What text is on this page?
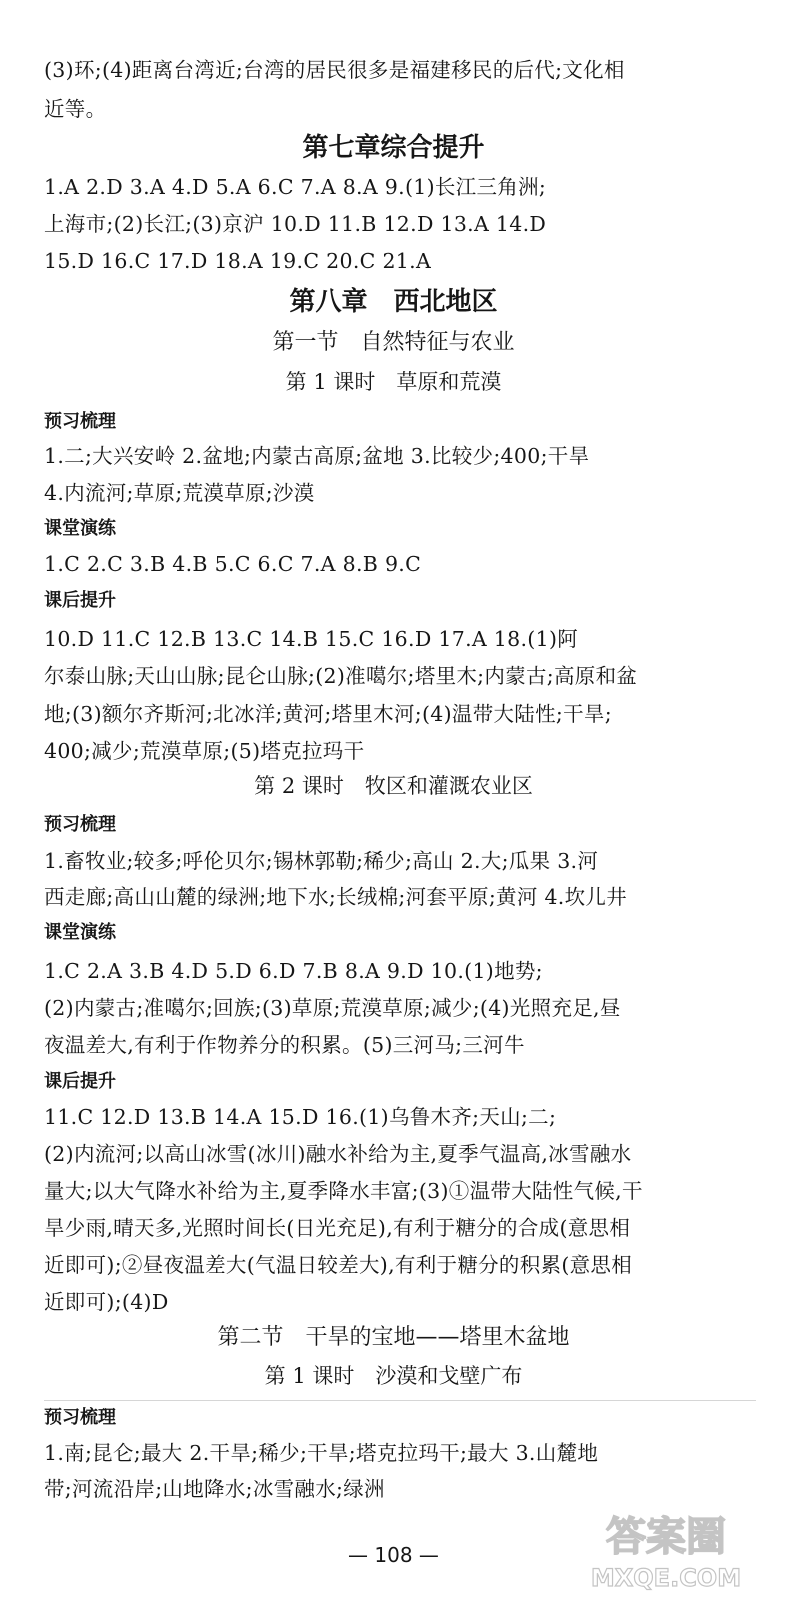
(3)环;(4)距离台湾近;台湾的居民很多是福建移民的后代;文化相
近等。
第七章综合提升
1.A 2.D 3.A 4.D 5.A 6.C 7.A 8.A 9.(1)长江三角洲;
上海市;(2)长江;(3)京沪 10.D 11.B 12.D 13.A 14.D
15.D 16.C 17.D 18.A 19.C 20.C 21.A
第八章　西北地区
第一节　自然特征与农业
第 1 课时　草原和荒漠
预习梳理
1.二;大兴安岭 2.盆地;内蒙古高原;盆地 3.比较少;400;干旱
4.内流河;草原;荒漠草原;沙漠
课堂演练
1.C 2.C 3.B 4.B 5.C 6.C 7.A 8.B 9.C
课后提升
10.D 11.C 12.B 13.C 14.B 15.C 16.D 17.A 18.(1)阿
尔泰山脉;天山山脉;昆仑山脉;(2)准噶尔;塔里木;内蒙古;高原和盆
地;(3)额尔齐斯河;北冰洋;黄河;塔里木河;(4)温带大陆性;干旱;
400;减少;荒漠草原;(5)塔克拉玛干
第 2 课时　牧区和灌溉农业区
预习梳理
1.畜牧业;较多;呼伦贝尔;锡林郭勒;稀少;高山 2.大;瓜果 3.河
西走廊;高山山麓的绿洲;地下水;长绒棉;河套平原;黄河 4.坎儿井
课堂演练
1.C 2.A 3.B 4.D 5.D 6.D 7.B 8.A 9.D 10.(1)地势;
(2)内蒙古;准噶尔;回族;(3)草原;荒漠草原;减少;(4)光照充足,昼
夜温差大,有利于作物养分的积累。(5)三河马;三河牛
课后提升
11.C 12.D 13.B 14.A 15.D 16.(1)乌鲁木齐;天山;二;
(2)内流河;以高山冰雪(冰川)融水补给为主,夏季气温高,冰雪融水
量大;以大气降水补给为主,夏季降水丰富;(3)①温带大陆性气候,干
旱少雨,晴天多,光照时间长(日光充足),有利于糖分的合成(意思相
近即可);②昼夜温差大(气温日较差大),有利于糖分的积累(意思相
近即可);(4)D
第二节　干旱的宝地——塔里木盆地
第 1 课时　沙漠和戈壁广布
预习梳理
1.南;昆仑;最大 2.干旱;稀少;干旱;塔克拉玛干;最大 3.山麓地
带;河流沿岸;山地降水;冰雪融水;绿洲
— 108 —	答案圈
MXQE.COM
